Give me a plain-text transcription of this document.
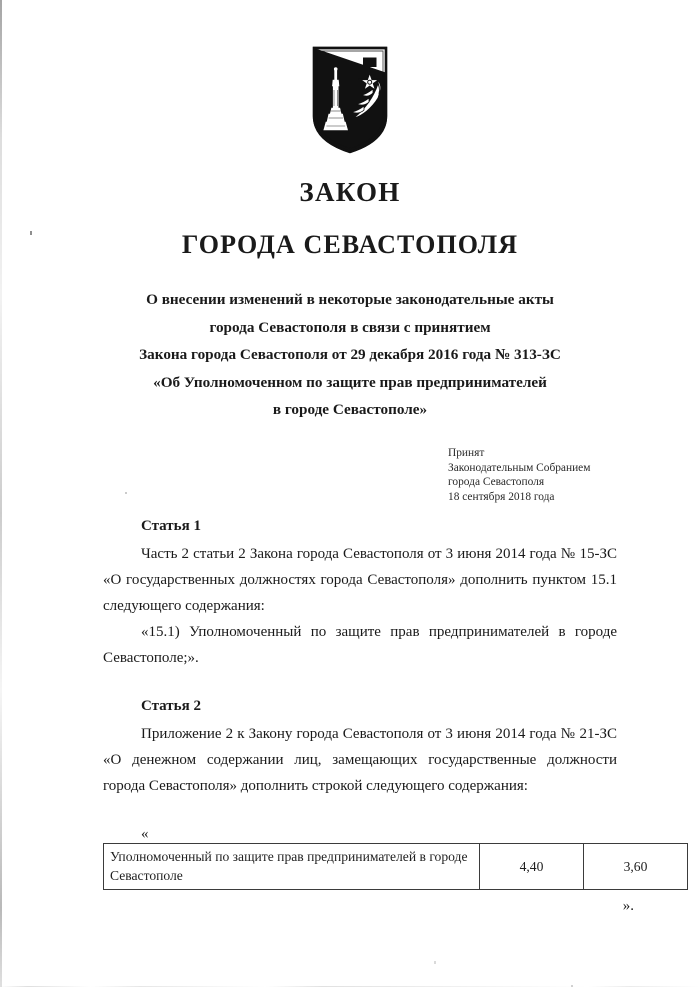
ЗАКОН
ГОРОДА СЕВАСТОПОЛЯ
О внесении изменений в некоторые законодательные акты
города Севастополя в связи с принятием
Закона города Севастополя от 29 декабря 2016 года № 313-ЗС
«Об Уполномоченном по защите прав предпринимателей
в городе Севастополе»
Принят
Законодательным Собранием
города Севастополя
18 сентября 2018 года
Статья 1

Часть 2 статьи 2 Закона города Севастополя от 3 июня 2014 года № 15-ЗС «О государственных должностях города Севастополя» дополнить пунктом 15.1 следующего содержания:

«15.1) Уполномоченный по защите прав предпринимателей в городе Севастополе;».

Статья 2

Приложение 2 к Закону города Севастополя от 3 июня 2014 года № 21-ЗС «О денежном содержании лиц, замещающих государственные должности города Севастополя» дополнить строкой следующего содержания:

«
Уполномоченный по защите прав предпринимателей в городе Севастополе	4,40	3,60
».
